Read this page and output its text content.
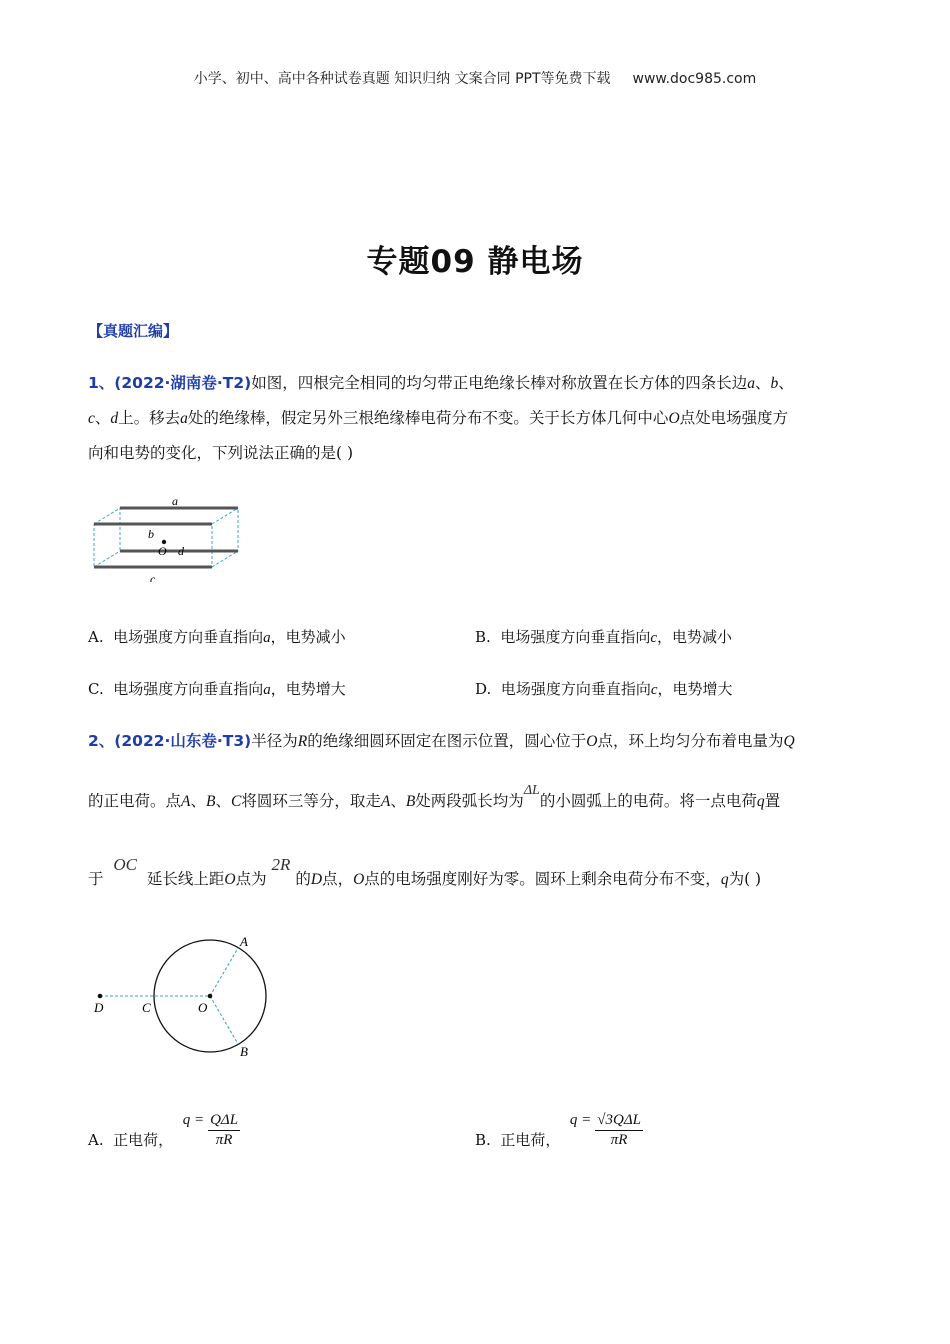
小学、初中、高中各种试卷真题 知识归纳 文案合同 PPT等免费下载 www.doc985.com
专题09 静电场
【真题汇编】
1、(2022·湖南卷·T2)如图，四根完全相同的均匀带正电绝缘长棒对称放置在长方体的四条长边a、b、
c、d上。移去a处的绝缘棒，假定另外三根绝缘棒电荷分布不变。关于长方体几何中心O点处电场强度方
向和电势的变化，下列说法正确的是( )
a
b
O d
c
A. 电场强度方向垂直指向a，电势减小	B. 电场强度方向垂直指向c，电势减小
C. 电场强度方向垂直指向a，电势增大	D. 电场强度方向垂直指向c，电势增大
2、(2022·山东卷·T3)半径为R的绝缘细圆环固定在图示位置，圆心位于O点，环上均匀分布着电量为Q
的正电荷。点A、B、C将圆环三等分，取走A、B处两段弧长均为ΔL的小圆弧上的电荷。将一点电荷q置
于  OC  延长线上距O点为 2R 的D点，O点的电场强度刚好为零。圆环上剩余电荷分布不变，q为( )
A
B
C
D	O
A. 正电荷，  $q = \frac{\text{QΔL}}{\pi R}$	B. 正电荷，  $q = \frac{\text{√3QΔL}}{\pi R}$
